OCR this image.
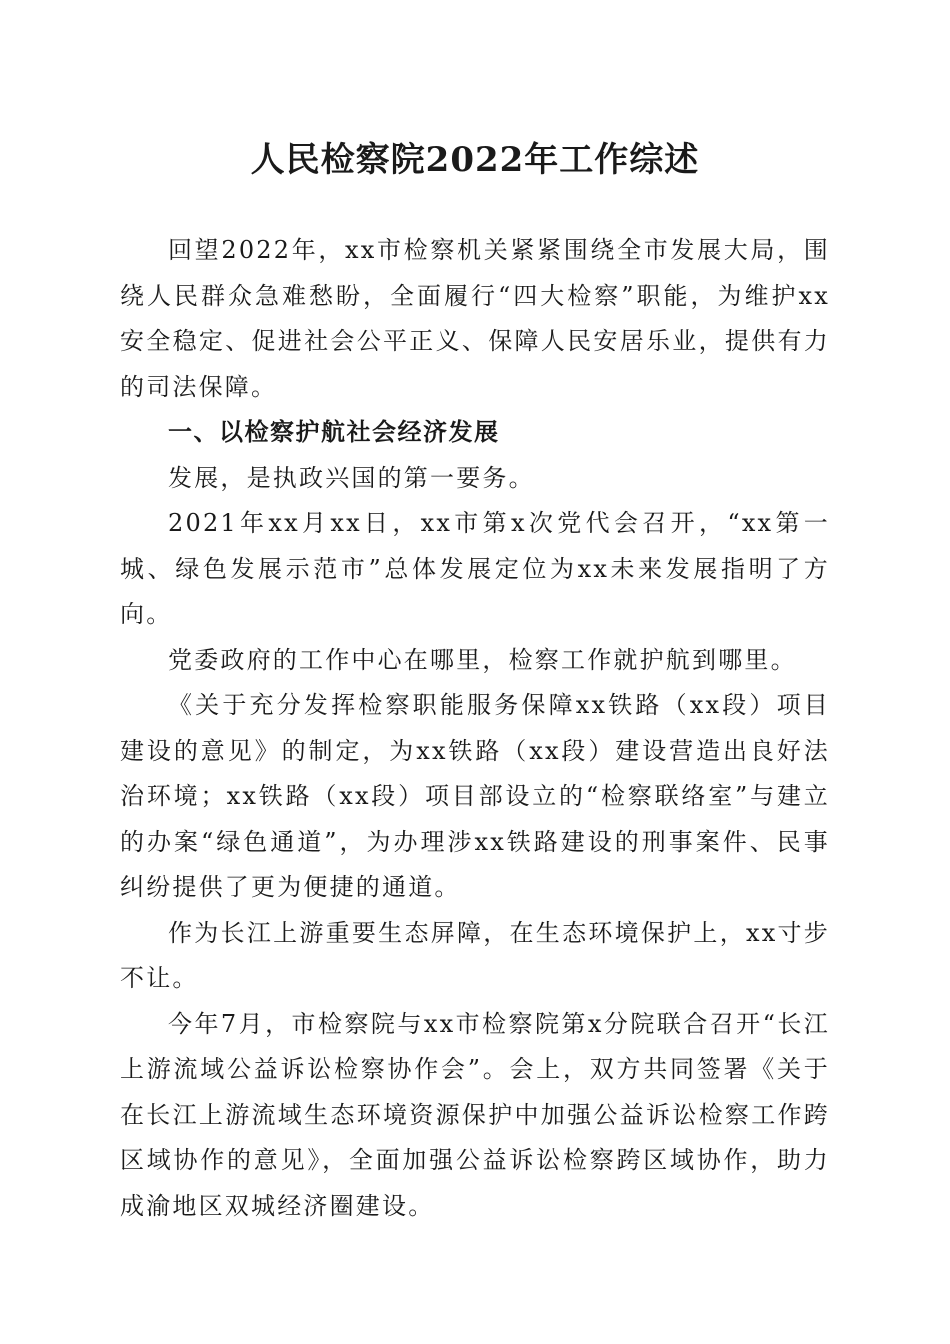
人民检察院2022年工作综述

回望2022年，xx市检察机关紧紧围绕全市发展大局，围绕人民群众急难愁盼，全面履行“四大检察”职能，为维护xx安全稳定、促进社会公平正义、保障人民安居乐业，提供有力的司法保障。

一、以检察护航社会经济发展

发展，是执政兴国的第一要务。

2021年xx月xx日，xx市第x次党代会召开，“xx第一城、绿色发展示范市”总体发展定位为xx未来发展指明了方向。

党委政府的工作中心在哪里，检察工作就护航到哪里。

《关于充分发挥检察职能服务保障xx铁路（xx段）项目建设的意见》的制定，为xx铁路（xx段）建设营造出良好法治环境；xx铁路（xx段）项目部设立的“检察联络室”与建立的办案“绿色通道”，为办理涉xx铁路建设的刑事案件、民事纠纷提供了更为便捷的通道。

作为长江上游重要生态屏障，在生态环境保护上，xx寸步不让。

今年7月，市检察院与xx市检察院第x分院联合召开“长江上游流域公益诉讼检察协作会”。会上，双方共同签署《关于在长江上游流域生态环境资源保护中加强公益诉讼检察工作跨区域协作的意见》，全面加强公益诉讼检察跨区域协作，助力成渝地区双城经济圈建设。
